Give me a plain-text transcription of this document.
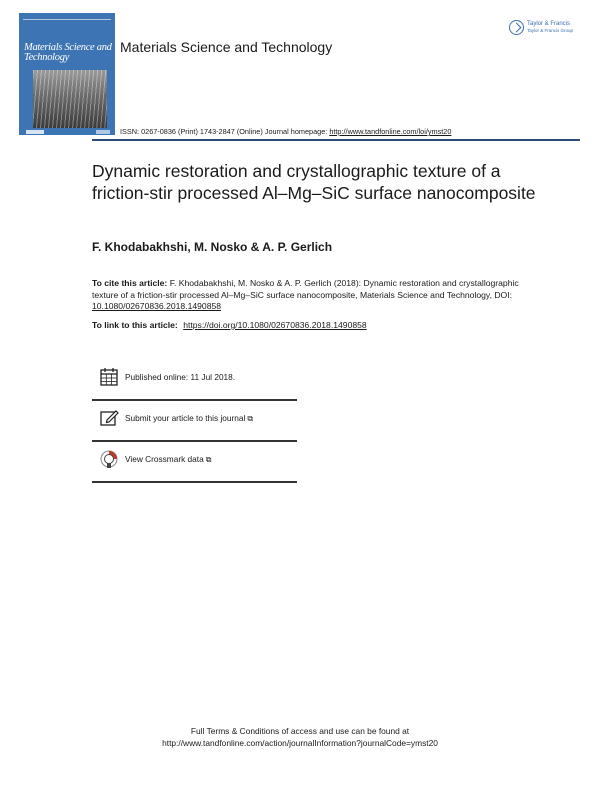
Materials Science and Technology
Materials Science and Technology
Taylor & Francis
Taylor & Francis Group
ISSN: 0267-0836 (Print) 1743-2847 (Online) Journal homepage: http://www.tandfonline.com/loi/ymst20
Dynamic restoration and crystallographic texture of a friction-stir processed Al–Mg–SiC surface nanocomposite
F. Khodabakhshi, M. Nosko & A. P. Gerlich
To cite this article: F. Khodabakhshi, M. Nosko & A. P. Gerlich (2018): Dynamic restoration and crystallographic texture of a friction-stir processed Al–Mg–SiC surface nanocomposite, Materials Science and Technology, DOI: 10.1080/02670836.2018.1490858
To link to this article: https://doi.org/10.1080/02670836.2018.1490858
Published online: 11 Jul 2018.
Submit your article to this journal ⧉
View Crossmark data ⧉
Full Terms & Conditions of access and use can be found at
http://www.tandfonline.com/action/journalInformation?journalCode=ymst20
